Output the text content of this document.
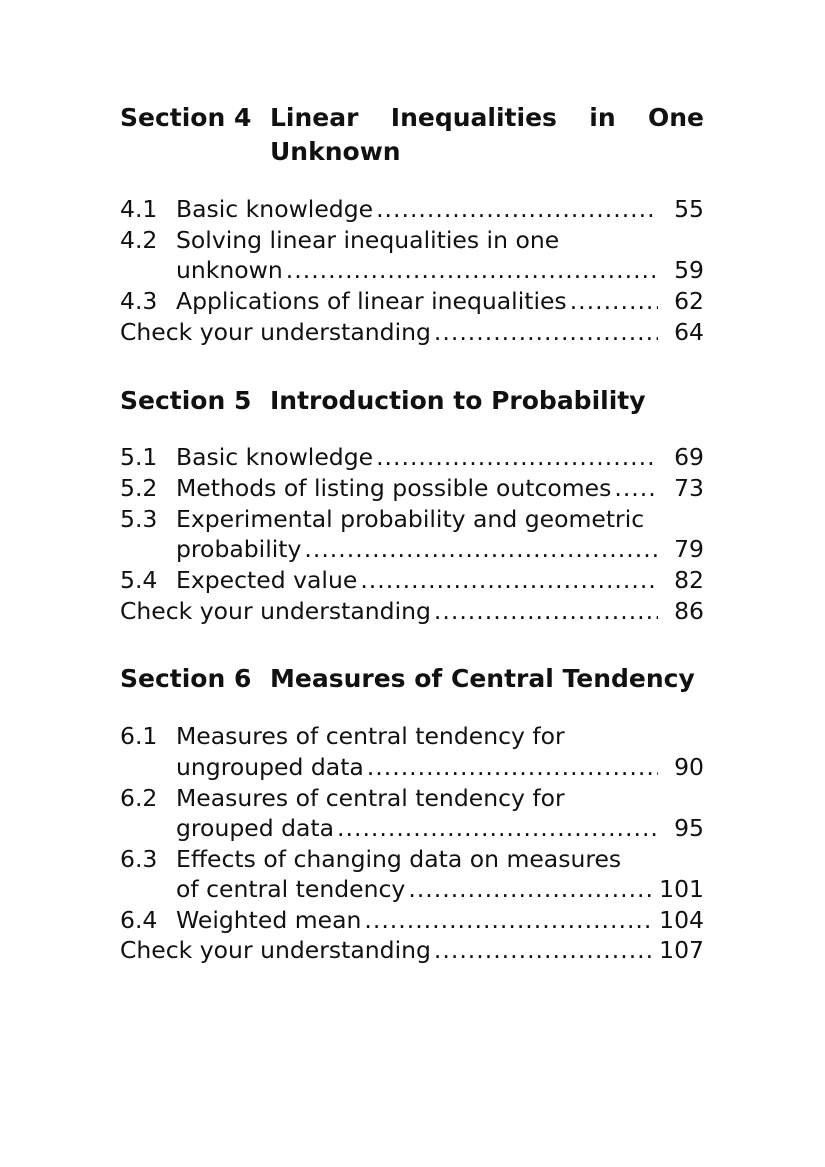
Section 4 Linear Inequalities in One Unknown
4.1 Basic knowledge .....	55
4.2 Solving linear inequalities in one
unknown .....	59
4.3 Applications of linear inequalities .....	62
Check your understanding .....	64
Section 5 Introduction to Probability
5.1 Basic knowledge .....	69
5.2 Methods of listing possible outcomes .....	73
5.3 Experimental probability and geometric
probability .....	79
5.4 Expected value .....	82
Check your understanding .....	86
Section 6 Measures of Central Tendency
6.1 Measures of central tendency for
ungrouped data .....	90
6.2 Measures of central tendency for
grouped data .....	95
6.3 Effects of changing data on measures
of central tendency .....	101
6.4 Weighted mean .....	104
Check your understanding .....	107
